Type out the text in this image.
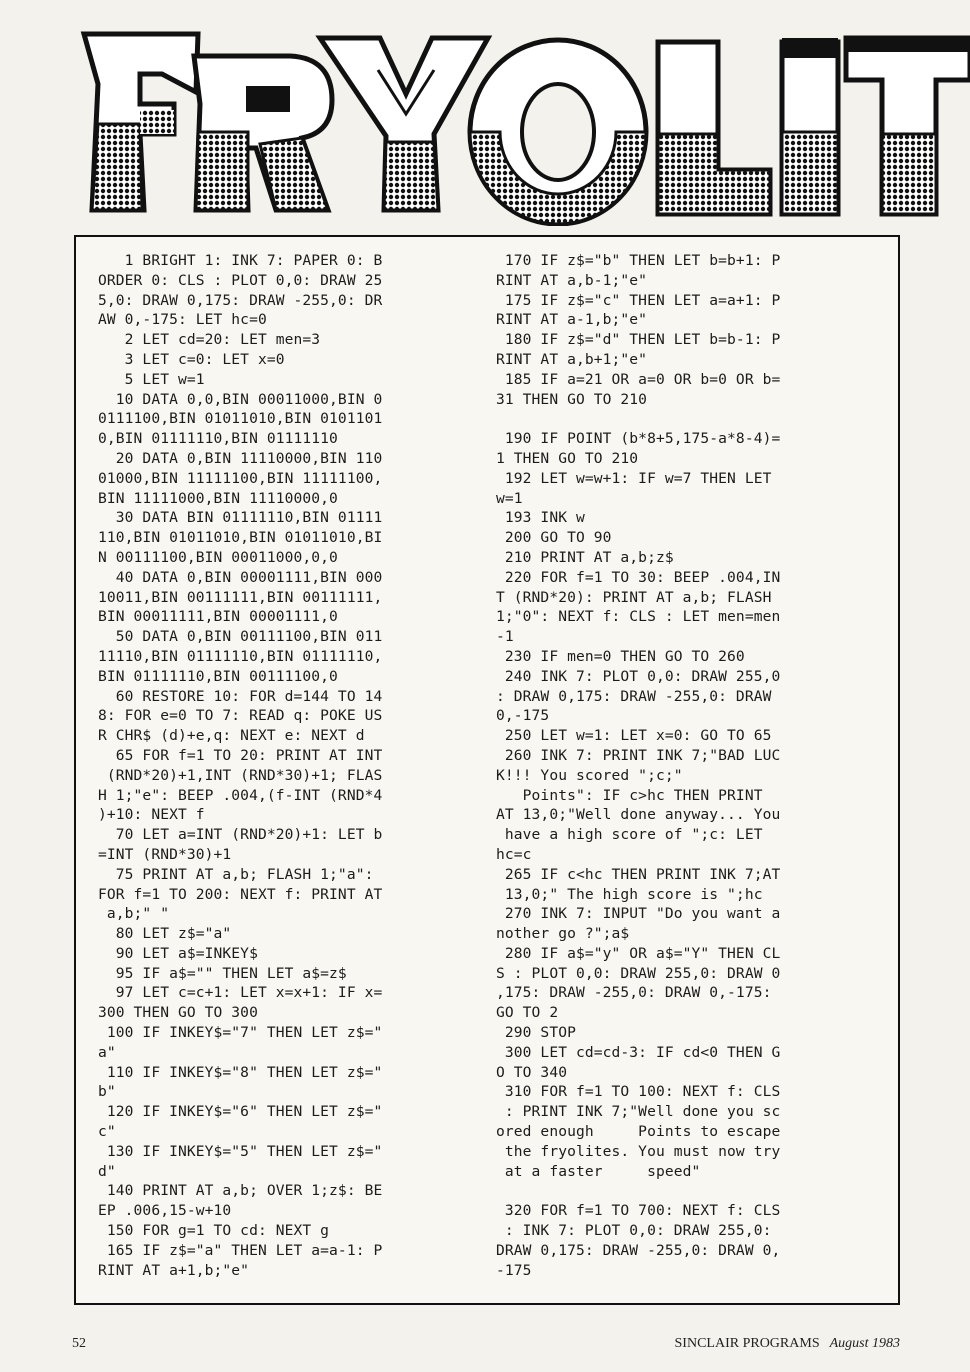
FRYOLITE
1 BRIGHT 1: INK 7: PAPER 0: B
ORDER 0: CLS : PLOT 0,0: DRAW 25
5,0: DRAW 0,175: DRAW -255,0: DR
AW 0,-175: LET hc=0
2 LET cd=20: LET men=3
3 LET c=0: LET x=0
5 LET w=1
10 DATA 0,0,BIN 00011000,BIN 0
0111100,BIN 01011010,BIN 0101101
0,BIN 01111110,BIN 01111110
20 DATA 0,BIN 11110000,BIN 110
01000,BIN 11111100,BIN 11111100,
BIN 11111000,BIN 11110000,0
30 DATA BIN 01111110,BIN 01111
110,BIN 01011010,BIN 01011010,BI
N 00111100,BIN 00011000,0,0
40 DATA 0,BIN 00001111,BIN 000
10011,BIN 00111111,BIN 00111111,
BIN 00011111,BIN 00001111,0
50 DATA 0,BIN 00111100,BIN 011
11110,BIN 01111110,BIN 01111110,
BIN 01111110,BIN 00111100,0
60 RESTORE 10: FOR d=144 TO 14
8: FOR e=0 TO 7: READ q: POKE US
R CHR$ (d)+e,q: NEXT e: NEXT d
65 FOR f=1 TO 20: PRINT AT INT
(RND*20)+1,INT (RND*30)+1; FLAS
H 1;"e": BEEP .004,(f-INT (RND*4
)+10: NEXT f
70 LET a=INT (RND*20)+1: LET b
=INT (RND*30)+1
75 PRINT AT a,b; FLASH 1;"a":
FOR f=1 TO 200: NEXT f: PRINT AT
a,b;" "
80 LET z$="a"
90 LET a$=INKEY$
95 IF a$="" THEN LET a$=z$
97 LET c=c+1: LET x=x+1: IF x=
300 THEN GO TO 300
100 IF INKEY$="7" THEN LET z$="
a"
110 IF INKEY$="8" THEN LET z$="
b"
120 IF INKEY$="6" THEN LET z$="
c"
130 IF INKEY$="5" THEN LET z$="
d"
140 PRINT AT a,b; OVER 1;z$: BE
EP .006,15-w+10
150 FOR g=1 TO cd: NEXT g
165 IF z$="a" THEN LET a=a-1: P
RINT AT a+1,b;"e"
170 IF z$="b" THEN LET b=b+1: P
RINT AT a,b-1;"e"
175 IF z$="c" THEN LET a=a+1: P
RINT AT a-1,b;"e"
180 IF z$="d" THEN LET b=b-1: P
RINT AT a,b+1;"e"
185 IF a=21 OR a=0 OR b=0 OR b=
31 THEN GO TO 210
190 IF POINT (b*8+5,175-a*8-4)=
1 THEN GO TO 210
192 LET w=w+1: IF w=7 THEN LET
w=1
193 INK w
200 GO TO 90
210 PRINT AT a,b;z$
220 FOR f=1 TO 30: BEEP .004,IN
T (RND*20): PRINT AT a,b; FLASH
1;"0": NEXT f: CLS : LET men=men
-1
230 IF men=0 THEN GO TO 260
240 INK 7: PLOT 0,0: DRAW 255,0
: DRAW 0,175: DRAW -255,0: DRAW
0,-175
250 LET w=1: LET x=0: GO TO 65
260 INK 7: PRINT INK 7;"BAD LUC
K!!! You scored ";c;"
Points": IF c>hc THEN PRINT
AT 13,0;"Well done anyway... You
have a high score of ";c: LET
hc=c
265 IF c<hc THEN PRINT INK 7;AT
13,0;" The high score is ";hc
270 INK 7: INPUT "Do you want a
nother go ?";a$
280 IF a$="y" OR a$="Y" THEN CL
S : PLOT 0,0: DRAW 255,0: DRAW 0
,175: DRAW -255,0: DRAW 0,-175:
GO TO 2
290 STOP
300 LET cd=cd-3: IF cd<0 THEN G
O TO 340
310 FOR f=1 TO 100: NEXT f: CLS
: PRINT INK 7;"Well done you sc
ored enough     Points to escape
the fryolites. You must now try
at a faster     speed"
320 FOR f=1 TO 700: NEXT f: CLS
: INK 7: PLOT 0,0: DRAW 255,0:
DRAW 0,175: DRAW -255,0: DRAW 0,
-175
52	SINCLAIR PROGRAMS August 1983
